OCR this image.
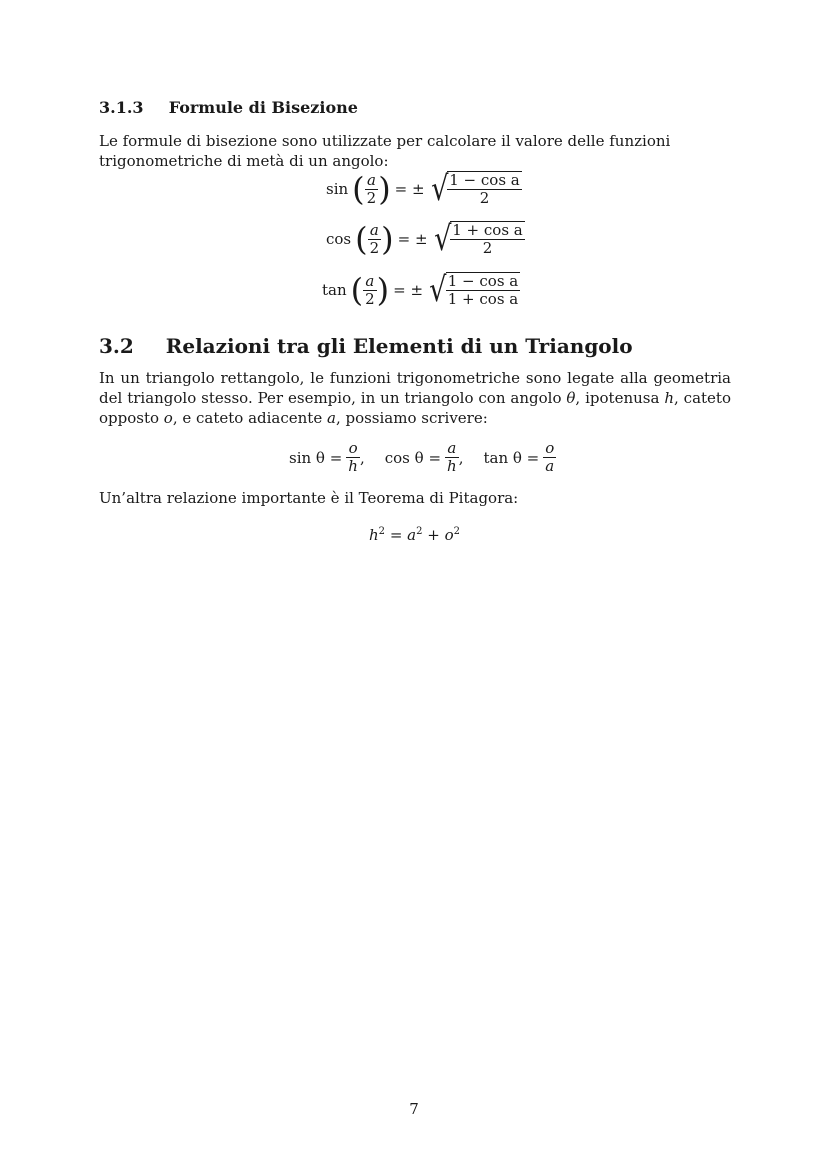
3.1.3 Formule di Bisezione
Le formule di bisezione sono utilizzate per calcolare il valore delle funzioni trigonometriche di metà di un angolo:
sin ( $\frac{a}{2}$ ) = ± √ $\frac{\text{1 − cos a}}{2}$
cos ( $\frac{a}{2}$ ) = ± √ $\frac{\text{1 + cos a}}{2}$
tan ( $\frac{a}{2}$ ) = ± √ $\frac{\text{1 − cos a}}{\text{1 + cos a}}$
3.2 Relazioni tra gli Elementi di un Triangolo
In un triangolo rettangolo, le funzioni trigonometriche sono legate alla geometria del triangolo stesso. Per esempio, in un triangolo con angolo θ, ipotenusa h, cateto opposto o, e cateto adiacente a, possiamo scrivere:
$\sin \theta = \frac{o}{h}$ , $\cos \theta = \frac{a}{h}$ , $\tan \theta = \frac{o}{a}$
Un’altra relazione importante è il Teorema di Pitagora:
$h^2 = a^2 + o^2$
7
